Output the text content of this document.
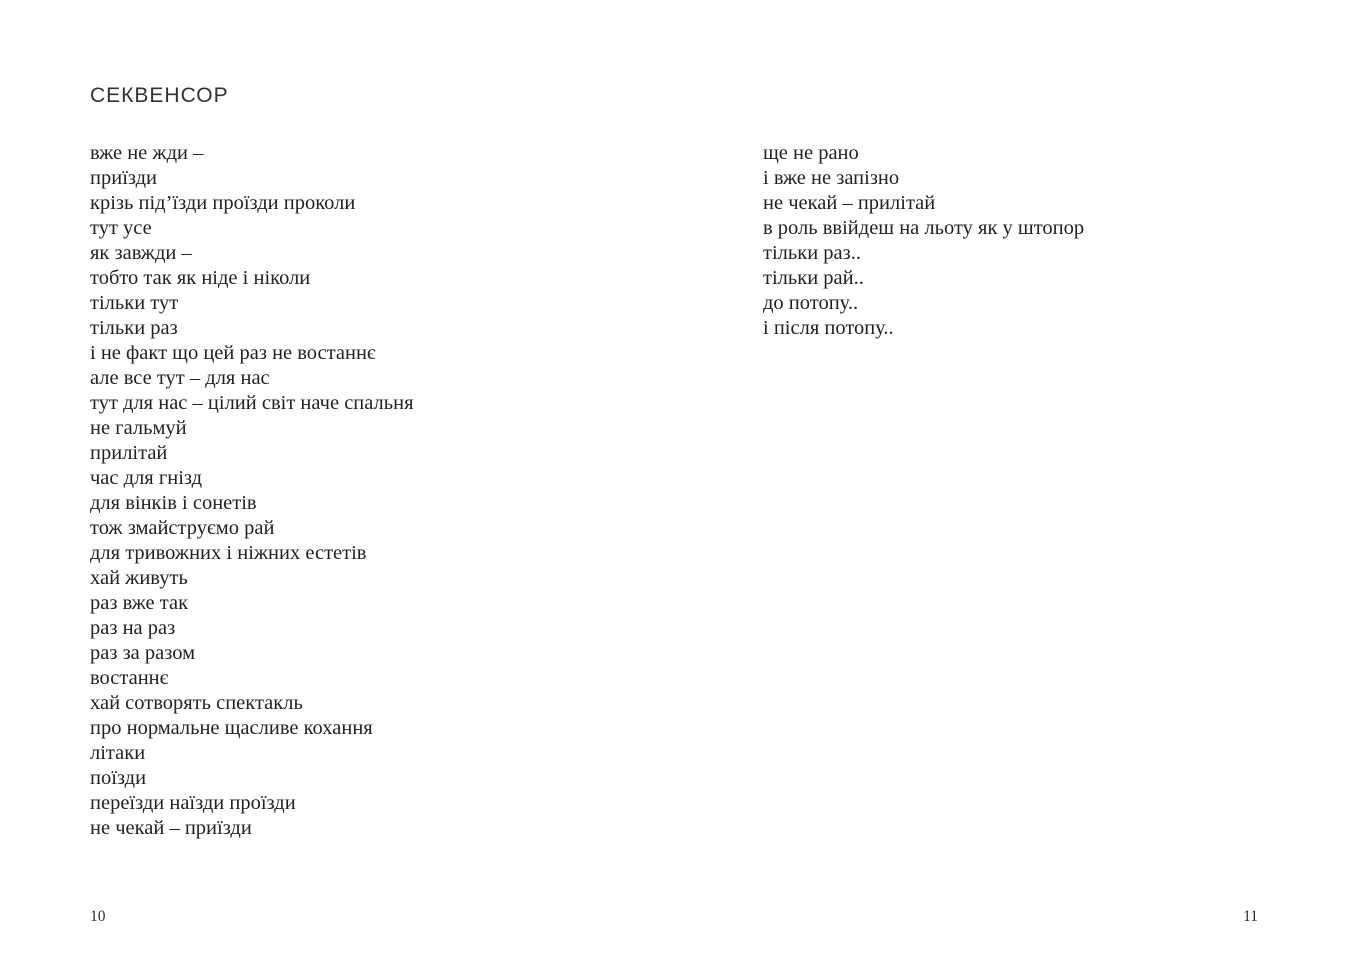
СЕКВЕНСОР
вже не жди –
приїзди
крізь під’їзди проїзди проколи
тут усе
як завжди –
тобто так як ніде і ніколи
тільки тут
тільки раз
і не факт що цей раз не востаннє
але все тут – для нас
тут для нас – цілий світ наче спальня
не гальмуй
прилітай
час для гнізд
для вінків і сонетів
тож змайструємо рай
для тривожних і ніжних естетів
хай живуть
раз вже так
раз на раз
раз за разом
востаннє
хай сотворять спектакль
про нормальне щасливе кохання
літаки
поїзди
переїзди наїзди проїзди
не чекай – приїзди
ще не рано
і вже не запізно
не чекай – прилітай
в роль ввійдеш на льоту як у штопор
тільки раз..
тільки рай..
до потопу..
і після потопу..
10	11
